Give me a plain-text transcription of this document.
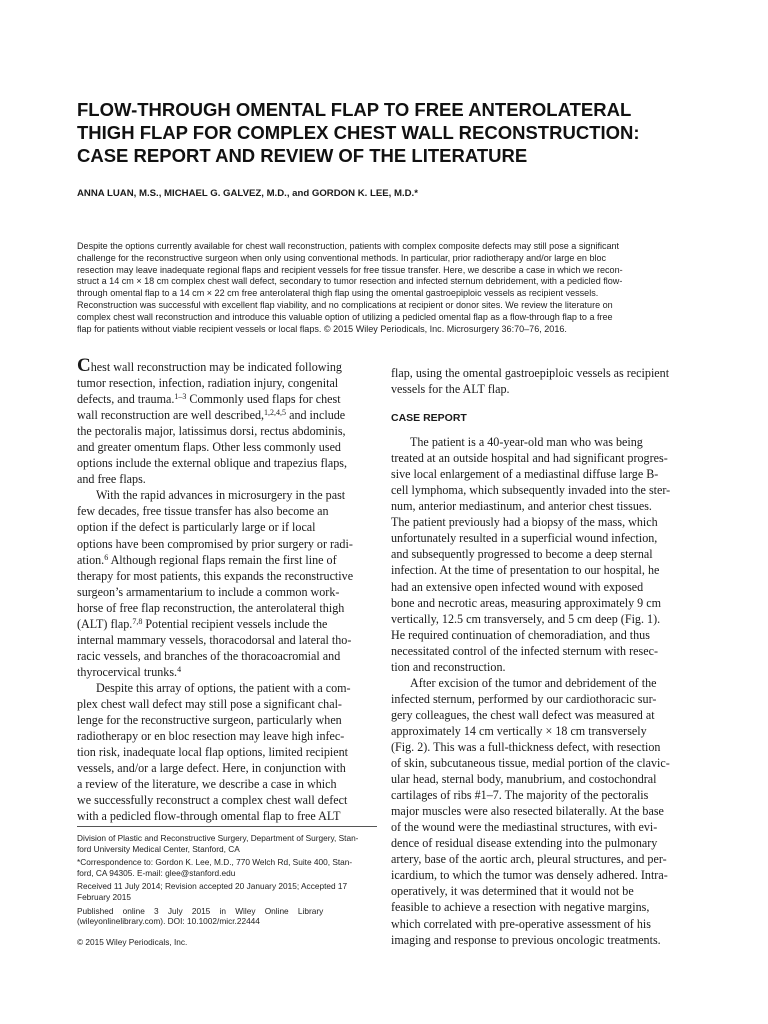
FLOW-THROUGH OMENTAL FLAP TO FREE ANTEROLATERAL
THIGH FLAP FOR COMPLEX CHEST WALL RECONSTRUCTION:
CASE REPORT AND REVIEW OF THE LITERATURE

ANNA LUAN, M.S., MICHAEL G. GALVEZ, M.D., and GORDON K. LEE, M.D.*

Despite the options currently available for chest wall reconstruction, patients with complex composite defects may still pose a significant
challenge for the reconstructive surgeon when only using conventional methods. In particular, prior radiotherapy and/or large en bloc
resection may leave inadequate regional flaps and recipient vessels for free tissue transfer. Here, we describe a case in which we recon-
struct a 14 cm × 18 cm complex chest wall defect, secondary to tumor resection and infected sternum debridement, with a pedicled flow-
through omental flap to a 14 cm × 22 cm free anterolateral thigh flap using the omental gastroepiploic vessels as recipient vessels.
Reconstruction was successful with excellent flap viability, and no complications at recipient or donor sites. We review the literature on
complex chest wall reconstruction and introduce this valuable option of utilizing a pedicled omental flap as a flow-through flap to a free
flap for patients without viable recipient vessels or local flaps. © 2015 Wiley Periodicals, Inc. Microsurgery 36:70–76, 2016.
Chest wall reconstruction may be indicated following
tumor resection, infection, radiation injury, congenital
defects, and trauma.$^{1-3}$ Commonly used flaps for chest
wall reconstruction are well described,$^{1,2,4,5}$ and include
the pectoralis major, latissimus dorsi, rectus abdominis,
and greater omentum flaps. Other less commonly used
options include the external oblique and trapezius flaps,
and free flaps.
With the rapid advances in microsurgery in the past
few decades, free tissue transfer has also become an
option if the defect is particularly large or if local
options have been compromised by prior surgery or radi-
ation.$^6$ Although regional flaps remain the first line of
therapy for most patients, this expands the reconstructive
surgeon’s armamentarium to include a common work-
horse of free flap reconstruction, the anterolateral thigh
(ALT) flap.$^{7,8}$ Potential recipient vessels include the
internal mammary vessels, thoracodorsal and lateral tho-
racic vessels, and branches of the thoracoacromial and
thyrocervical trunks.$^4$
Despite this array of options, the patient with a com-
plex chest wall defect may still pose a significant chal-
lenge for the reconstructive surgeon, particularly when
radiotherapy or en bloc resection may leave high infec-
tion risk, inadequate local flap options, limited recipient
vessels, and/or a large defect. Here, in conjunction with
a review of the literature, we describe a case in which
we successfully reconstruct a complex chest wall defect
with a pedicled flow-through omental flap to free ALT
flap, using the omental gastroepiploic vessels as recipient
vessels for the ALT flap.
CASE REPORT
The patient is a 40-year-old man who was being
treated at an outside hospital and had significant progres-
sive local enlargement of a mediastinal diffuse large B-
cell lymphoma, which subsequently invaded into the ster-
num, anterior mediastinum, and anterior chest tissues.
The patient previously had a biopsy of the mass, which
unfortunately resulted in a superficial wound infection,
and subsequently progressed to become a deep sternal
infection. At the time of presentation to our hospital, he
had an extensive open infected wound with exposed
bone and necrotic areas, measuring approximately 9 cm
vertically, 12.5 cm transversely, and 5 cm deep (Fig. 1).
He required continuation of chemoradiation, and thus
necessitated control of the infected sternum with resec-
tion and reconstruction.
After excision of the tumor and debridement of the
infected sternum, performed by our cardiothoracic sur-
gery colleagues, the chest wall defect was measured at
approximately 14 cm vertically × 18 cm transversely
(Fig. 2). This was a full-thickness defect, with resection
of skin, subcutaneous tissue, medial portion of the clavic-
ular head, sternal body, manubrium, and costochondral
cartilages of ribs #1–7. The majority of the pectoralis
major muscles were also resected bilaterally. At the base
of the wound were the mediastinal structures, with evi-
dence of residual disease extending into the pulmonary
artery, base of the aortic arch, pleural structures, and per-
icardium, to which the tumor was densely adhered. Intra-
operatively, it was determined that it would not be
feasible to achieve a resection with negative margins,
which correlated with pre-operative assessment of his
imaging and response to previous oncologic treatments.
Division of Plastic and Reconstructive Surgery, Department of Surgery, Stan-
ford University Medical Center, Stanford, CA
*Correspondence to: Gordon K. Lee, M.D., 770 Welch Rd, Suite 400, Stan-
ford, CA 94305. E-mail: glee@stanford.edu
Received 11 July 2014; Revision accepted 20 January 2015; Accepted 17
February 2015
Published    online    3    July    2015    in    Wiley    Online    Library
(wileyonlinelibrary.com). DOI: 10.1002/micr.22444
© 2015 Wiley Periodicals, Inc.
